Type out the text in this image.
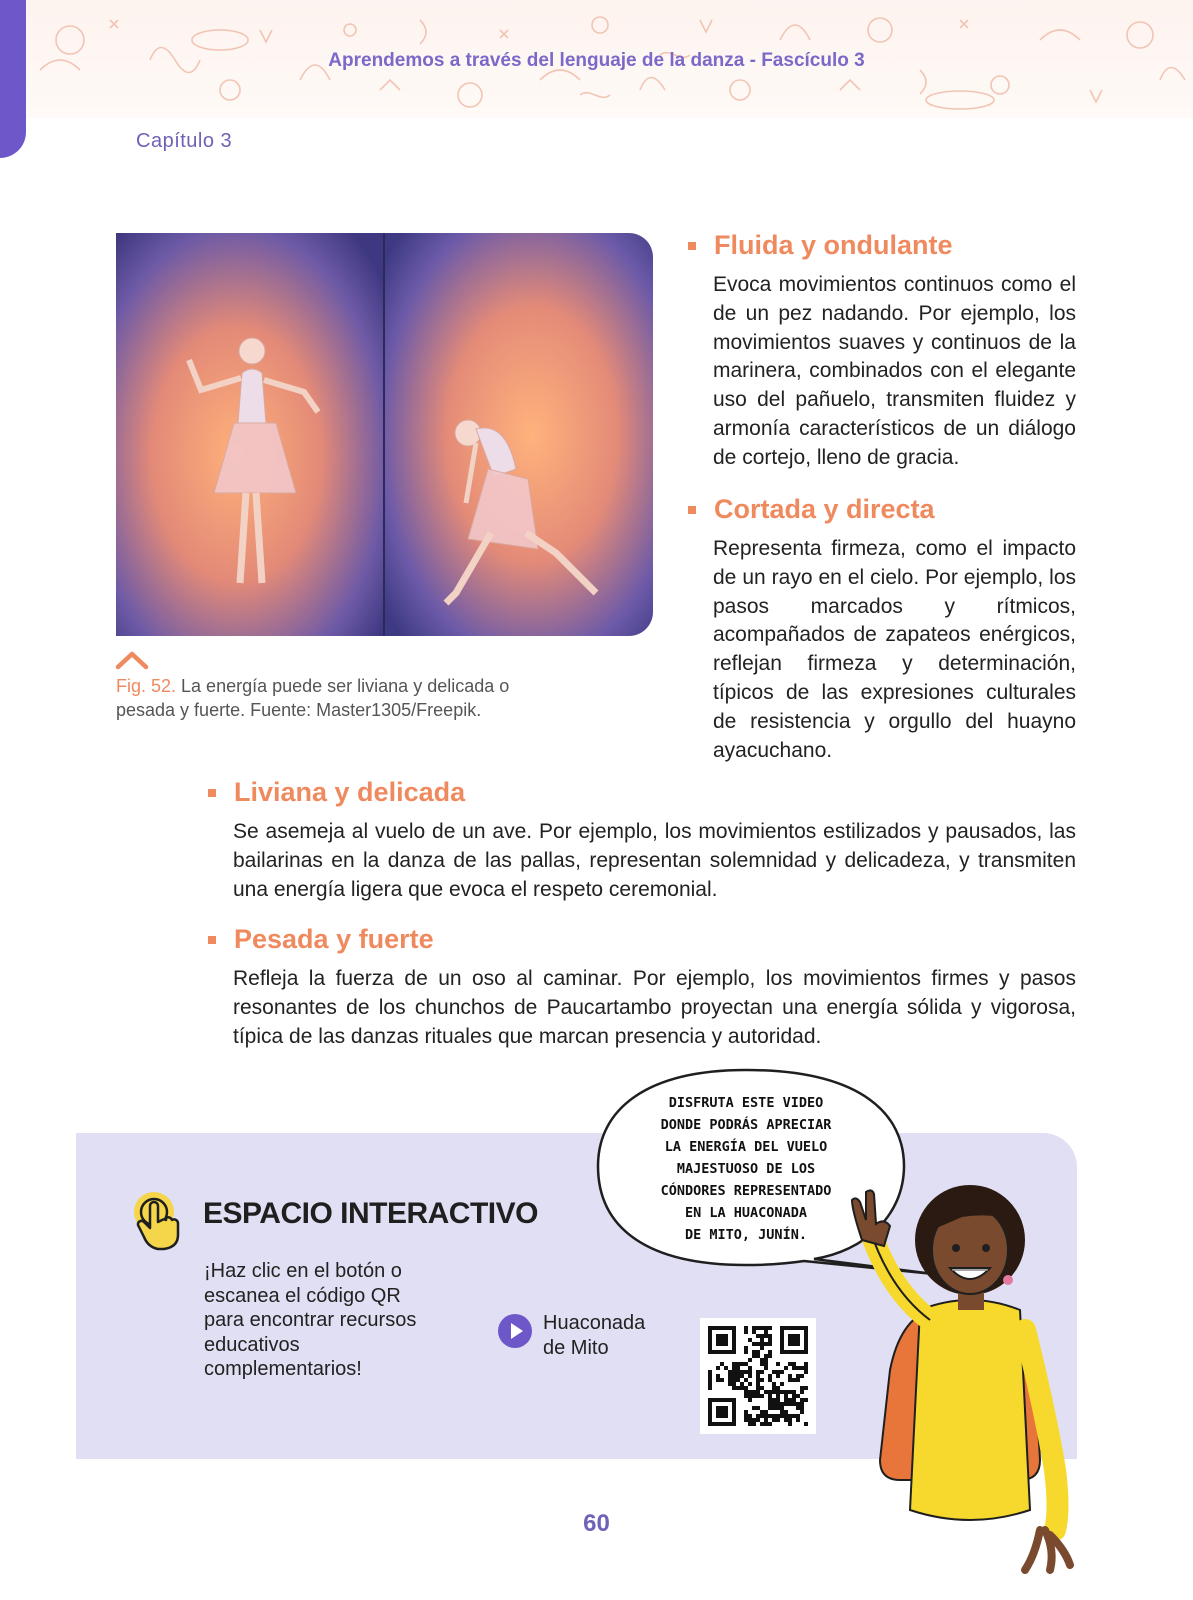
Aprendemos a través del lenguaje de la danza - Fascículo 3
Capítulo 3
Fig. 52. La energía puede ser liviana y delicada o pesada y fuerte. Fuente: Master1305/Freepik.
Fluida y ondulante
Evoca movimientos continuos como el de un pez nadando. Por ejemplo, los movimientos suaves y continuos de la marinera, combinados con el elegante uso del pañuelo, transmiten fluidez y armonía característicos de un diálogo de cortejo, lleno de gracia.
Cortada y directa
Representa firmeza, como el impacto de un rayo en el cielo. Por ejemplo, los pasos marcados y rítmicos, acompañados de zapateos enérgicos, reflejan firmeza y determinación, típicos de las expresiones culturales de resistencia y orgullo del huayno ayacuchano.
Liviana y delicada
Se asemeja al vuelo de un ave. Por ejemplo, los movimientos estilizados y pausados, las bailarinas en la danza de las pallas, representan solemnidad y delicadeza, y transmiten una energía ligera que evoca el respeto ceremonial.
Pesada y fuerte
Refleja la fuerza de un oso al caminar. Por ejemplo, los movimientos firmes y pasos resonantes de los chunchos de Paucartambo proyectan una energía sólida y vigorosa, típica de las danzas rituales que marcan presencia y autoridad.
ESPACIO INTERACTIVO
¡Haz clic en el botón o escanea el código QR para encontrar recursos educativos complementarios!
Huaconada
de Mito
DISFRUTA ESTE VIDEO
DONDE PODRÁS APRECIAR
LA ENERGÍA DEL VUELO
MAJESTUOSO DE LOS
CÓNDORES REPRESENTADO
EN LA HUACONADA
DE MITO, JUNÍN.
60
